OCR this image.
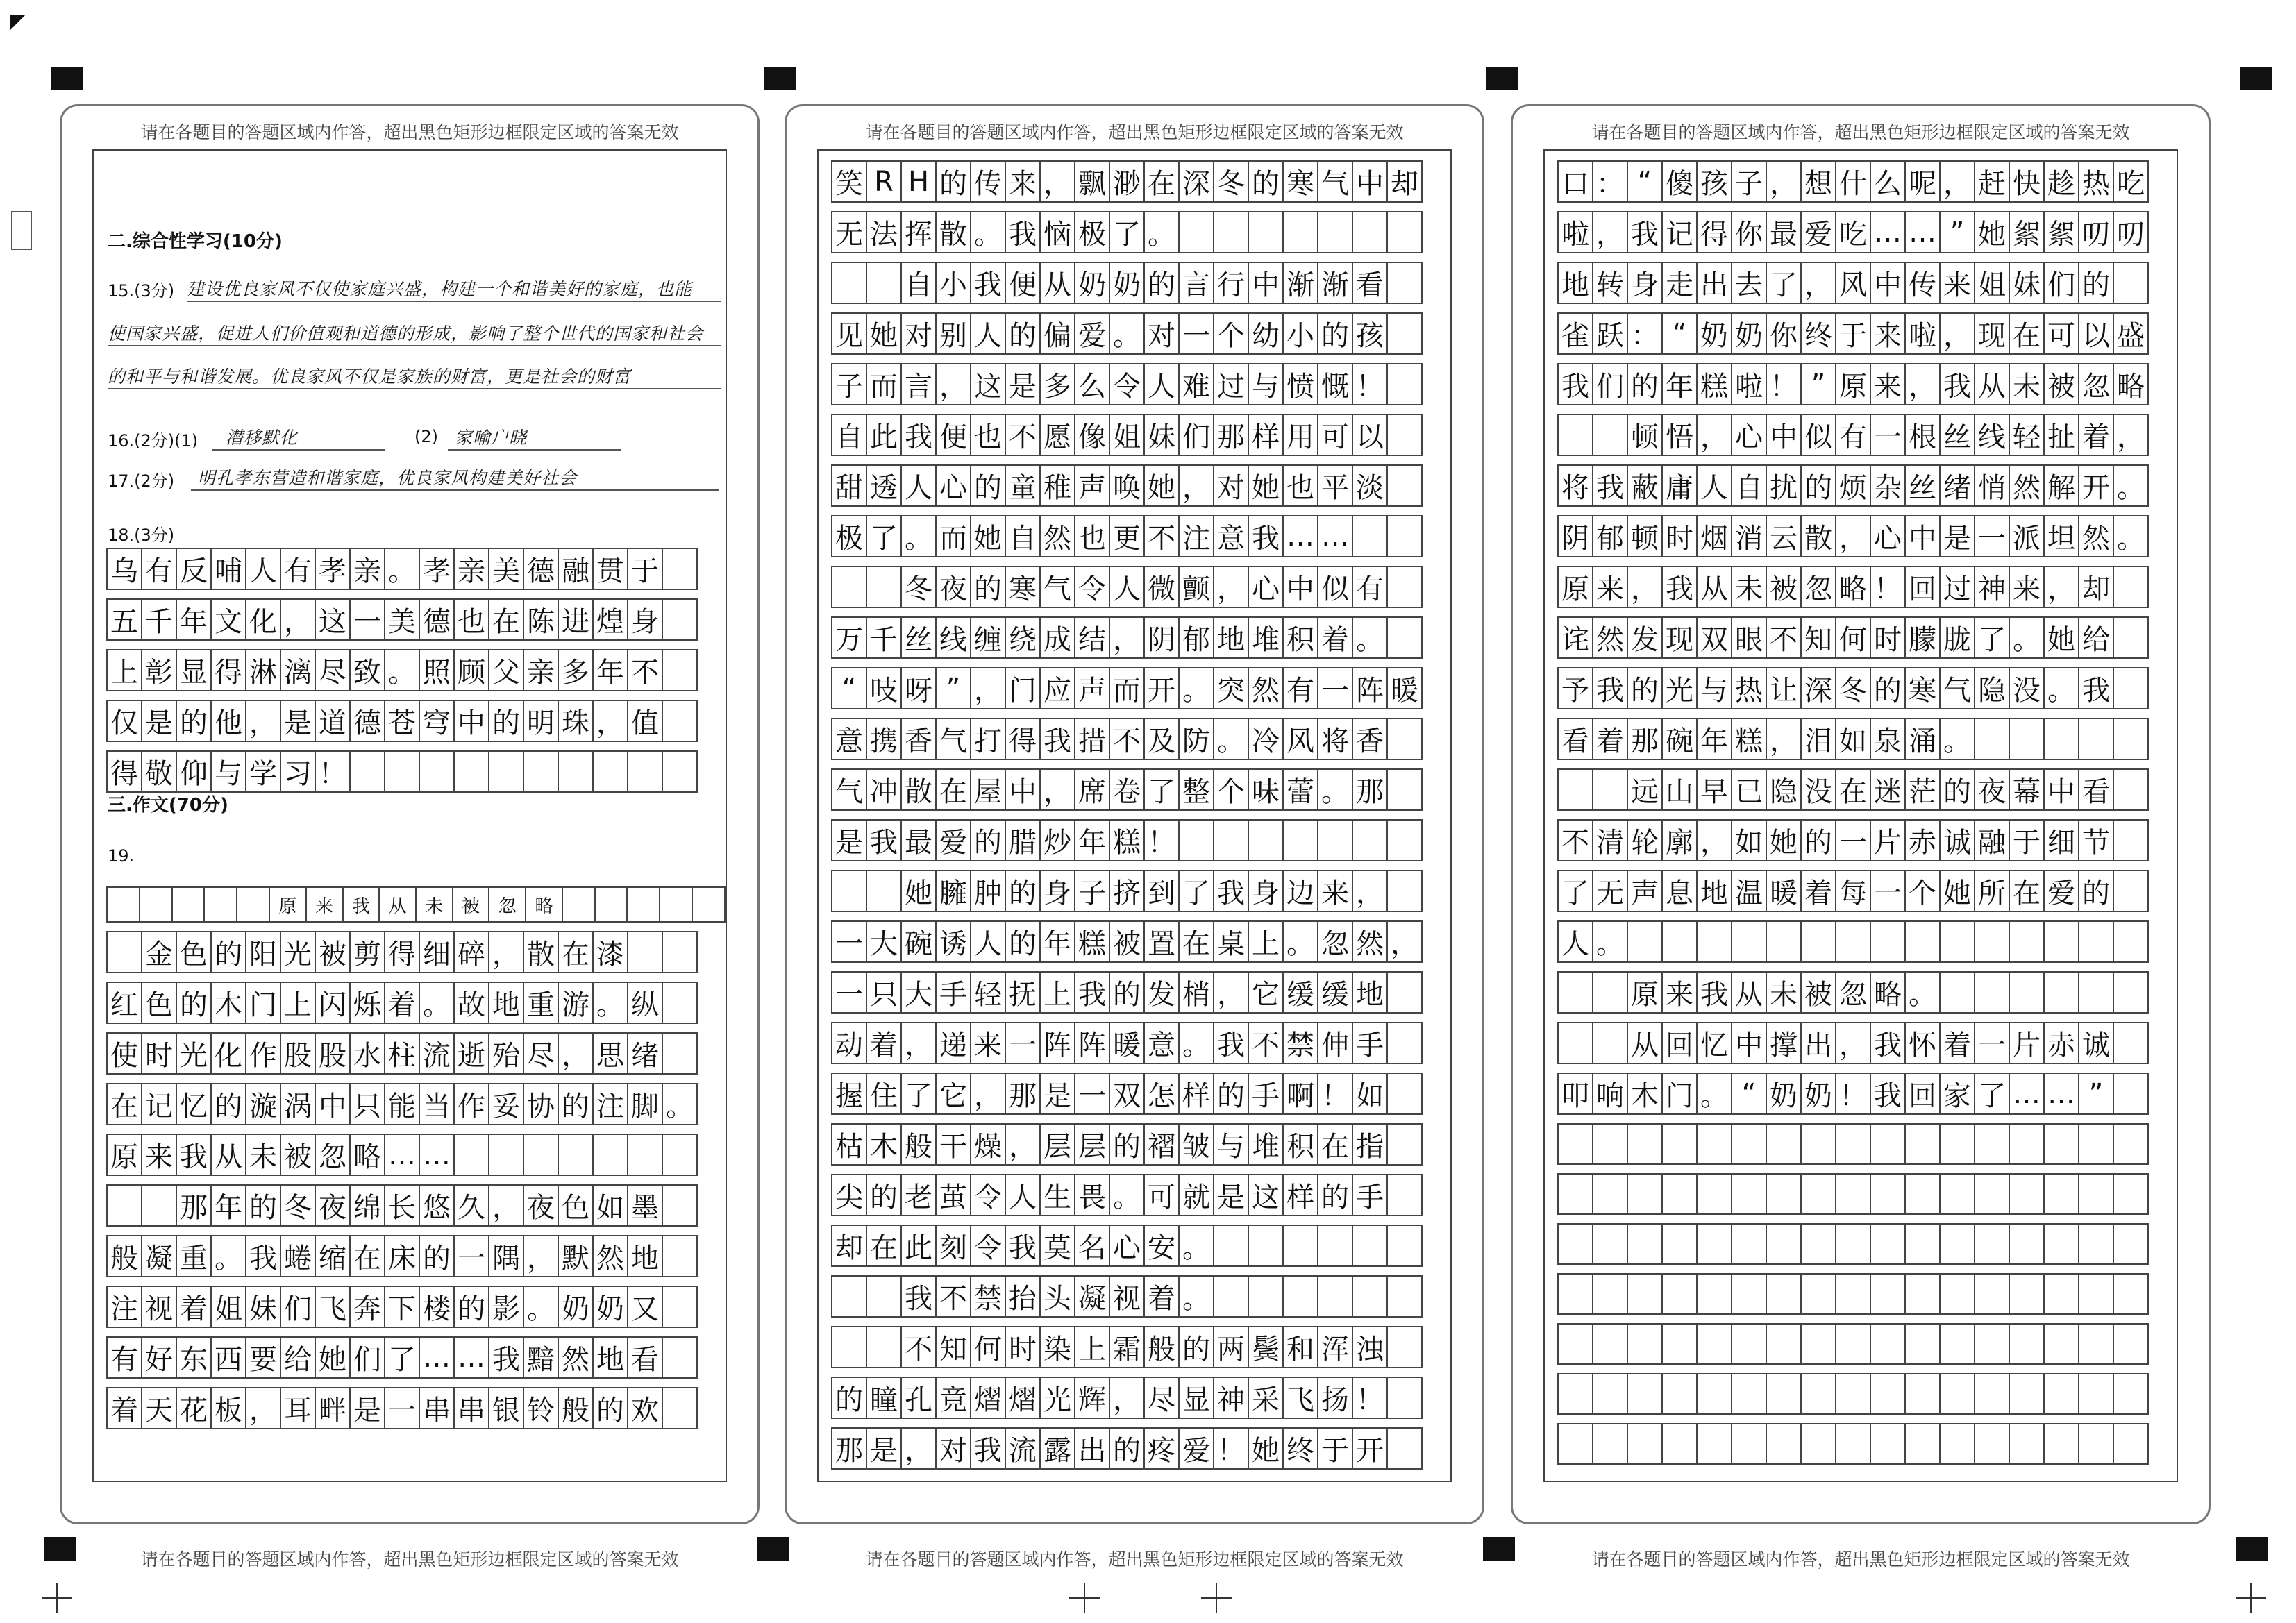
请在各题目的答题区域内作答，超出黑色矩形边框限定区域的答案无效
二.综合性学习(10分)
15.(3分) 建设优良家风不仅使家庭兴盛，构建一个和谐美好的家庭，也能
使国家兴盛，促进人们价值观和道德的形成，影响了整个世代的国家和社会
的和平与和谐发展。优良家风不仅是家族的财富，更是社会的财富
16.(2分)(1) 潜移默化	(2) 家喻户晓
17.(2分) 明孔孝东营造和谐家庭，优良家风构建美好社会
18.(3分)
乌	有	反	哺	人	有	孝	亲	。	孝	亲	美	德	融	贯	于	

五	千	年	文	化	，	这	一	美	德	也	在	陈	进	煌	身	

上	彰	显	得	淋	漓	尽	致	。	照	顾	父	亲	多	年	不	

仅	是	的	他	，	是	道	德	苍	穹	中	的	明	珠	，	值	

得	敬	仰	与	学	习	！										
三.作文(70分)
19.
					原	来	我	从	未	被	忽	略					
　	金	色	的	阳	光	被	剪	得	细	碎	，	散	在	漆		

红	色	的	木	门	上	闪	烁	着	。	故	地	重	游	。	纵	

使	时	光	化	作	股	股	水	柱	流	逝	殆	尽	，	思	绪	

在	记	忆	的	漩	涡	中	只	能	当	作	妥	协	的	注	脚	。

原	来	我	从	未	被	忽	略	…	…							

　	　	那	年	的	冬	夜	绵	长	悠	久	，	夜	色	如	墨	

般	凝	重	。	我	蜷	缩	在	床	的	一	隅	，	默	然	地	

注	视	着	姐	妹	们	飞	奔	下	楼	的	影	。	奶	奶	又	

有	好	东	西	要	给	她	们	了	…	…	我	黯	然	地	看	

着	天	花	板	，	耳	畔	是	一	串	串	银	铃	般	的	欢	
请在各题目的答题区域内作答，超出黑色矩形边框限定区域的答案无效
请在各题目的答题区域内作答，超出黑色矩形边框限定区域的答案无效
笑	R	H	的	传	来	，	飘	渺	在	深	冬	的	寒	气	中	却

无	法	挥	散	。	我	恼	极	了	。							

　	　	自	小	我	便	从	奶	奶	的	言	行	中	渐	渐	看	

见	她	对	别	人	的	偏	爱	。	对	一	个	幼	小	的	孩	

子	而	言	，	这	是	多	么	令	人	难	过	与	愤	慨	！	

自	此	我	便	也	不	愿	像	姐	妹	们	那	样	用	可	以	

甜	透	人	心	的	童	稚	声	唤	她	，	对	她	也	平	淡	

极	了	。	而	她	自	然	也	更	不	注	意	我	…	…		

　	　	冬	夜	的	寒	气	令	人	微	颤	，	心	中	似	有	

万	千	丝	线	缠	绕	成	结	，	阴	郁	地	堆	积	着	。	

“	吱	呀	”	，	门	应	声	而	开	。	突	然	有	一	阵	暖

意	携	香	气	打	得	我	措	不	及	防	。	冷	风	将	香	

气	冲	散	在	屋	中	，	席	卷	了	整	个	味	蕾	。	那	

是	我	最	爱	的	腊	炒	年	糕	！							

　	　	她	臃	肿	的	身	子	挤	到	了	我	身	边	来	，	

一	大	碗	诱	人	的	年	糕	被	置	在	桌	上	。	忽	然	，

一	只	大	手	轻	抚	上	我	的	发	梢	，	它	缓	缓	地	

动	着	，	递	来	一	阵	阵	暖	意	。	我	不	禁	伸	手	

握	住	了	它	，	那	是	一	双	怎	样	的	手	啊	！	如	

枯	木	般	干	燥	，	层	层	的	褶	皱	与	堆	积	在	指	

尖	的	老	茧	令	人	生	畏	。	可	就	是	这	样	的	手	

却	在	此	刻	令	我	莫	名	心	安	。						

　	　	我	不	禁	抬	头	凝	视	着	。						

　	　	不	知	何	时	染	上	霜	般	的	两	鬓	和	浑	浊	

的	瞳	孔	竟	熠	熠	光	辉	，	尽	显	神	采	飞	扬	！	

那	是	，	对	我	流	露	出	的	疼	爱	！	她	终	于	开	
请在各题目的答题区域内作答，超出黑色矩形边框限定区域的答案无效
请在各题目的答题区域内作答，超出黑色矩形边框限定区域的答案无效
口	：	“	傻	孩	子	，	想	什	么	呢	，	赶	快	趁	热	吃

啦	，	我	记	得	你	最	爱	吃	…	…	”	她	絮	絮	叨	叨

地	转	身	走	出	去	了	，	风	中	传	来	姐	妹	们	的	

雀	跃	：	“	奶	奶	你	终	于	来	啦	，	现	在	可	以	盛

我	们	的	年	糕	啦	！	”	原	来	，	我	从	未	被	忽	略

　	　	顿	悟	，	心	中	似	有	一	根	丝	线	轻	扯	着	，

将	我	蔽	庸	人	自	扰	的	烦	杂	丝	绪	悄	然	解	开	。

阴	郁	顿	时	烟	消	云	散	，	心	中	是	一	派	坦	然	。

原	来	，	我	从	未	被	忽	略	！	回	过	神	来	，	却	

诧	然	发	现	双	眼	不	知	何	时	朦	胧	了	。	她	给	

予	我	的	光	与	热	让	深	冬	的	寒	气	隐	没	。	我	

看	着	那	碗	年	糕	，	泪	如	泉	涌	。					

　	　	远	山	早	已	隐	没	在	迷	茫	的	夜	幕	中	看	

不	清	轮	廓	，	如	她	的	一	片	赤	诚	融	于	细	节	

了	无	声	息	地	温	暖	着	每	一	个	她	所	在	爱	的	

人	。															

　	　	原	来	我	从	未	被	忽	略	。						

　	　	从	回	忆	中	撑	出	，	我	怀	着	一	片	赤	诚	

叩	响	木	门	。	“	奶	奶	！	我	回	家	了	…	…	”	

请在各题目的答题区域内作答，超出黑色矩形边框限定区域的答案无效
